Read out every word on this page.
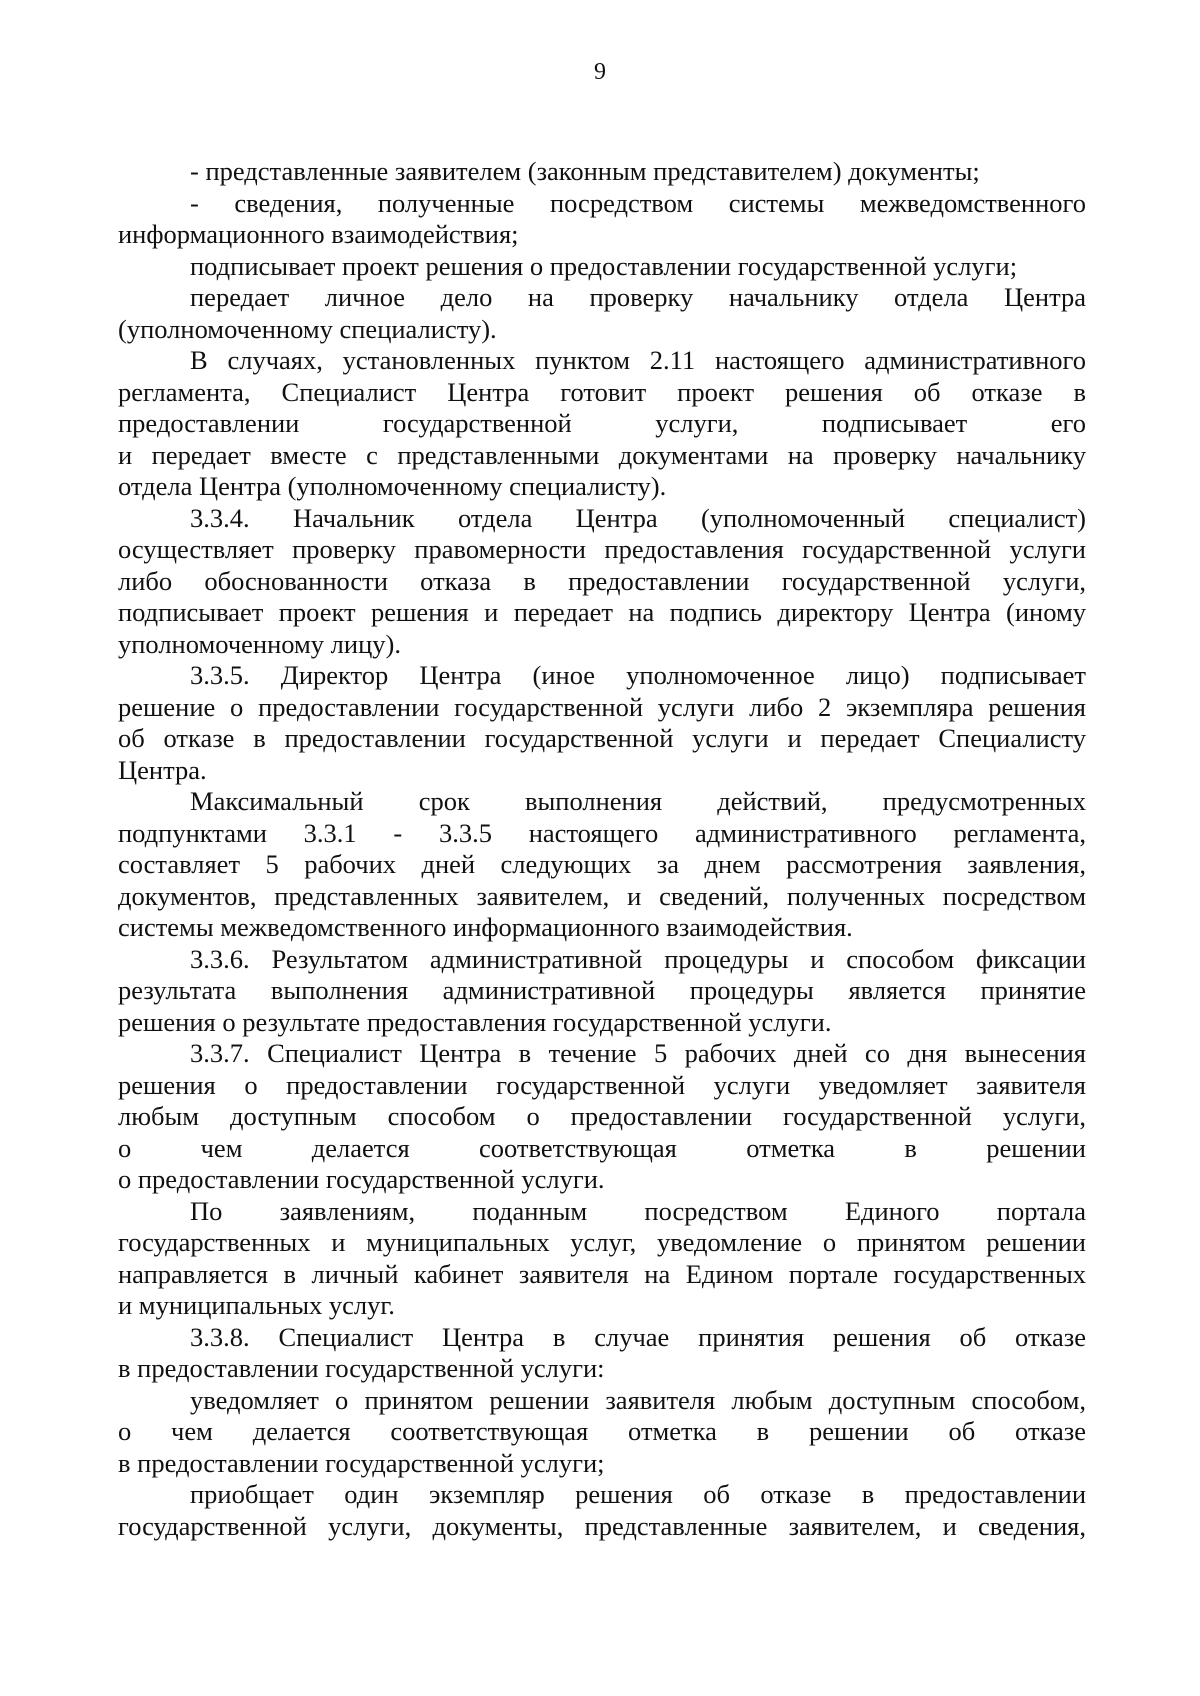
9
- представленные заявителем (законным представителем) документы;
- сведения, полученные посредством системы межведомственного
информационного взаимодействия;
подписывает проект решения о предоставлении государственной услуги;
передает личное дело на проверку начальнику отдела Центра
(уполномоченному специалисту).
В случаях, установленных пунктом 2.11 настоящего административного
регламента, Специалист Центра готовит проект решения об отказе в
предоставлении государственной услуги, подписывает его
и передает вместе с представленными документами на проверку начальнику
отдела Центра (уполномоченному специалисту).
3.3.4. Начальник отдела Центра (уполномоченный специалист)
осуществляет проверку правомерности предоставления государственной услуги
либо обоснованности отказа в предоставлении государственной услуги,
подписывает проект решения и передает на подпись директору Центра (иному
уполномоченному лицу).
3.3.5. Директор Центра (иное уполномоченное лицо) подписывает
решение о предоставлении государственной услуги либо 2 экземпляра решения
об отказе в предоставлении государственной услуги и передает Специалисту
Центра.
Максимальный срок выполнения действий, предусмотренных
подпунктами 3.3.1 - 3.3.5 настоящего административного регламента,
составляет 5 рабочих дней следующих за днем рассмотрения заявления,
документов, представленных заявителем, и сведений, полученных посредством
системы межведомственного информационного взаимодействия.
3.3.6. Результатом административной процедуры и способом фиксации
результата выполнения административной процедуры является принятие
решения о результате предоставления государственной услуги.
3.3.7. Специалист Центра в течение 5 рабочих дней со дня вынесения
решения о предоставлении государственной услуги уведомляет заявителя
любым доступным способом о предоставлении государственной услуги,
о чем делается соответствующая отметка в решении
о предоставлении государственной услуги.
По заявлениям, поданным посредством Единого портала
государственных и муниципальных услуг, уведомление о принятом решении
направляется в личный кабинет заявителя на Едином портале государственных
и муниципальных услуг.
3.3.8. Специалист Центра в случае принятия решения об отказе
в предоставлении государственной услуги:
уведомляет о принятом решении заявителя любым доступным способом,
о чем делается соответствующая отметка в решении об отказе
в предоставлении государственной услуги;
приобщает один экземпляр решения об отказе в предоставлении
государственной услуги, документы, представленные заявителем, и сведения,
